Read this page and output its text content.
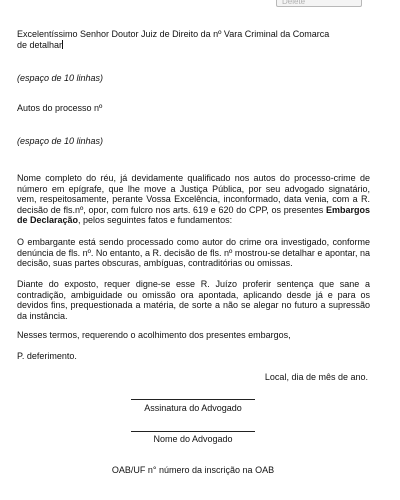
Delete

Excelentíssimo Senhor Doutor Juiz de Direito da nº Vara Criminal da Comarca

de detalhar

(espaço de 10 linhas)

Autos do processo nº

(espaço de 10 linhas)

Nome completo do réu, já devidamente qualificado nos autos do processo-crime de número em epígrafe, que lhe move a Justiça Pública, por seu advogado signatário, vem, respeitosamente, perante Vossa Excelência, inconformado, data venia, com a R. decisão de fls.nº, opor, com fulcro nos arts. 619 e 620 do CPP, os presentes Embargos de Declaração, pelos seguintes fatos e fundamentos:

O embargante está sendo processado como autor do crime ora investigado, conforme denúncia de fls. nº. No entanto, a R. decisão de fls. nº mostrou-se detalhar e apontar, na decisão, suas partes obscuras, ambíguas, contraditórias ou omissas.

Diante do exposto, requer digne-se esse R. Juízo proferir sentença que sane a contradição, ambiguidade ou omissão ora apontada, aplicando desde já e para os devidos fins, prequestionada a matéria, de sorte a não se alegar no futuro a supressão da instância.

Nesses termos, requerendo o acolhimento dos presentes embargos,

P. deferimento.

Local, dia de mês de ano.

Assinatura do Advogado
Nome do Advogado
OAB/UF n° número da inscrição na OAB
